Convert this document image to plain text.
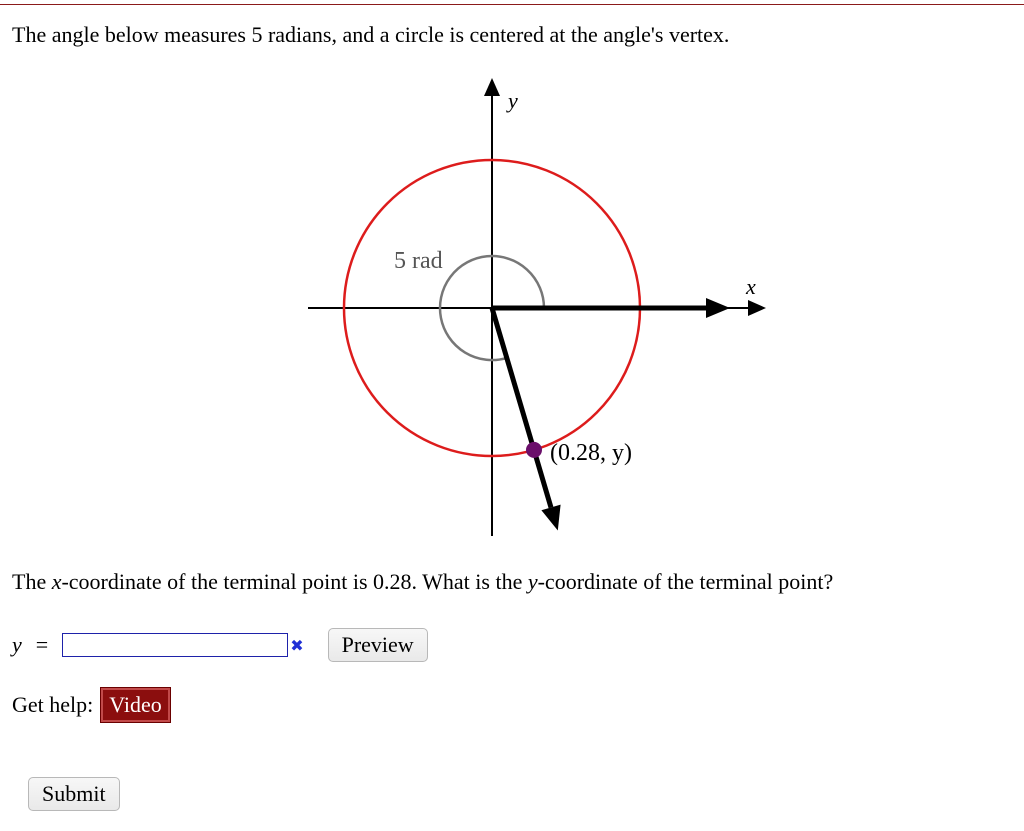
The angle below measures 5 radians, and a circle is centered at the angle's vertex.
y
x
5 rad
(0.28, y)
The x-coordinate of the terminal point is 0.28. What is the y-coordinate of the terminal point?
y =	✖	Preview
Get help: Video
Submit
